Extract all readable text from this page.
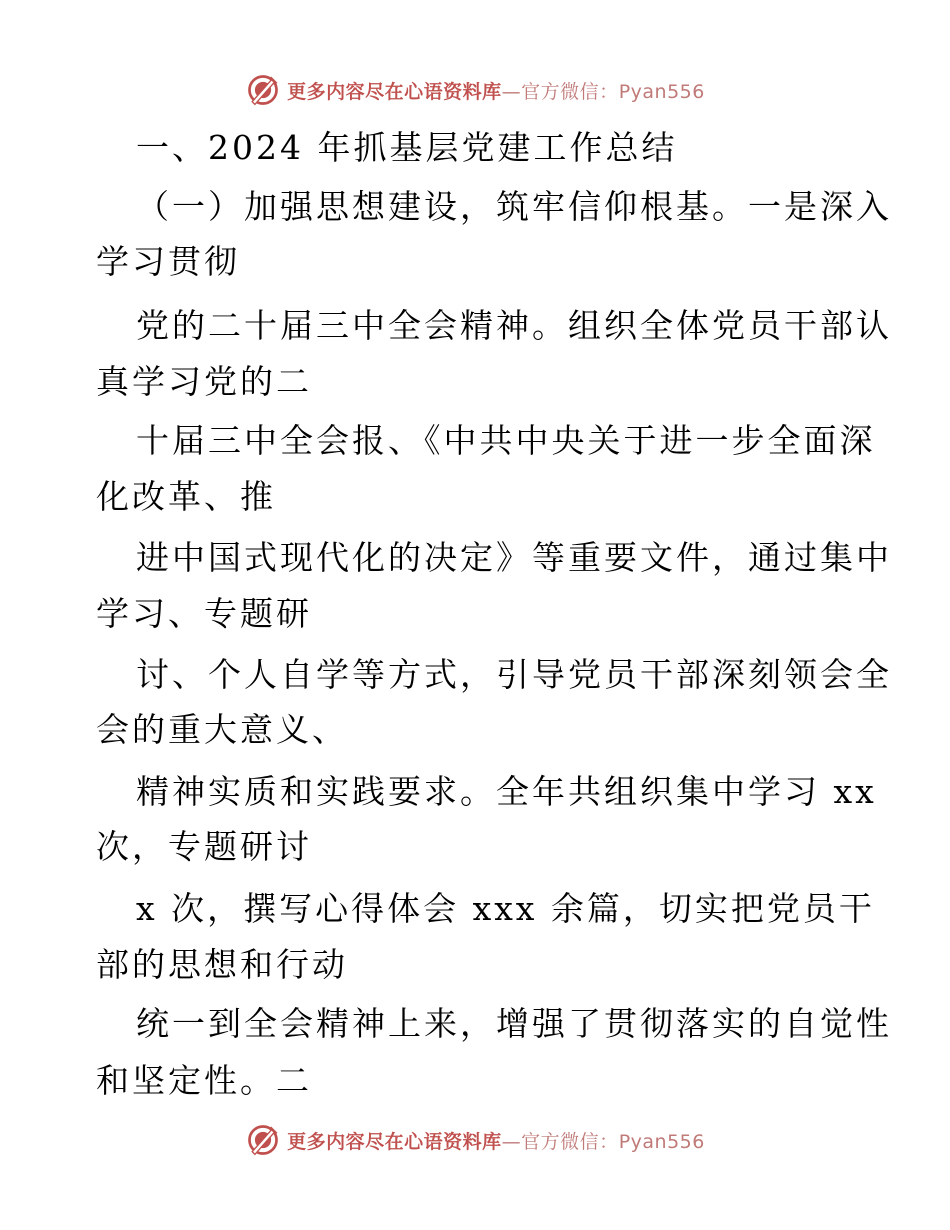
更多内容尽在心语资料库—官方微信：Pyan556
一、2024 年抓基层党建工作总结
（一）加强思想建设，筑牢信仰根基。一是深入
学习贯彻
党的二十届三中全会精神。组织全体党员干部认
真学习党的二
十届三中全会报、《中共中央关于进一步全面深
化改革、推
进中国式现代化的决定》等重要文件，通过集中
学习、专题研
讨、个人自学等方式，引导党员干部深刻领会全
会的重大意义、
精神实质和实践要求。全年共组织集中学习 xx
次，专题研讨
x 次，撰写心得体会 xxx 余篇，切实把党员干
部的思想和行动
统一到全会精神上来，增强了贯彻落实的自觉性
和坚定性。二
更多内容尽在心语资料库—官方微信：Pyan556
